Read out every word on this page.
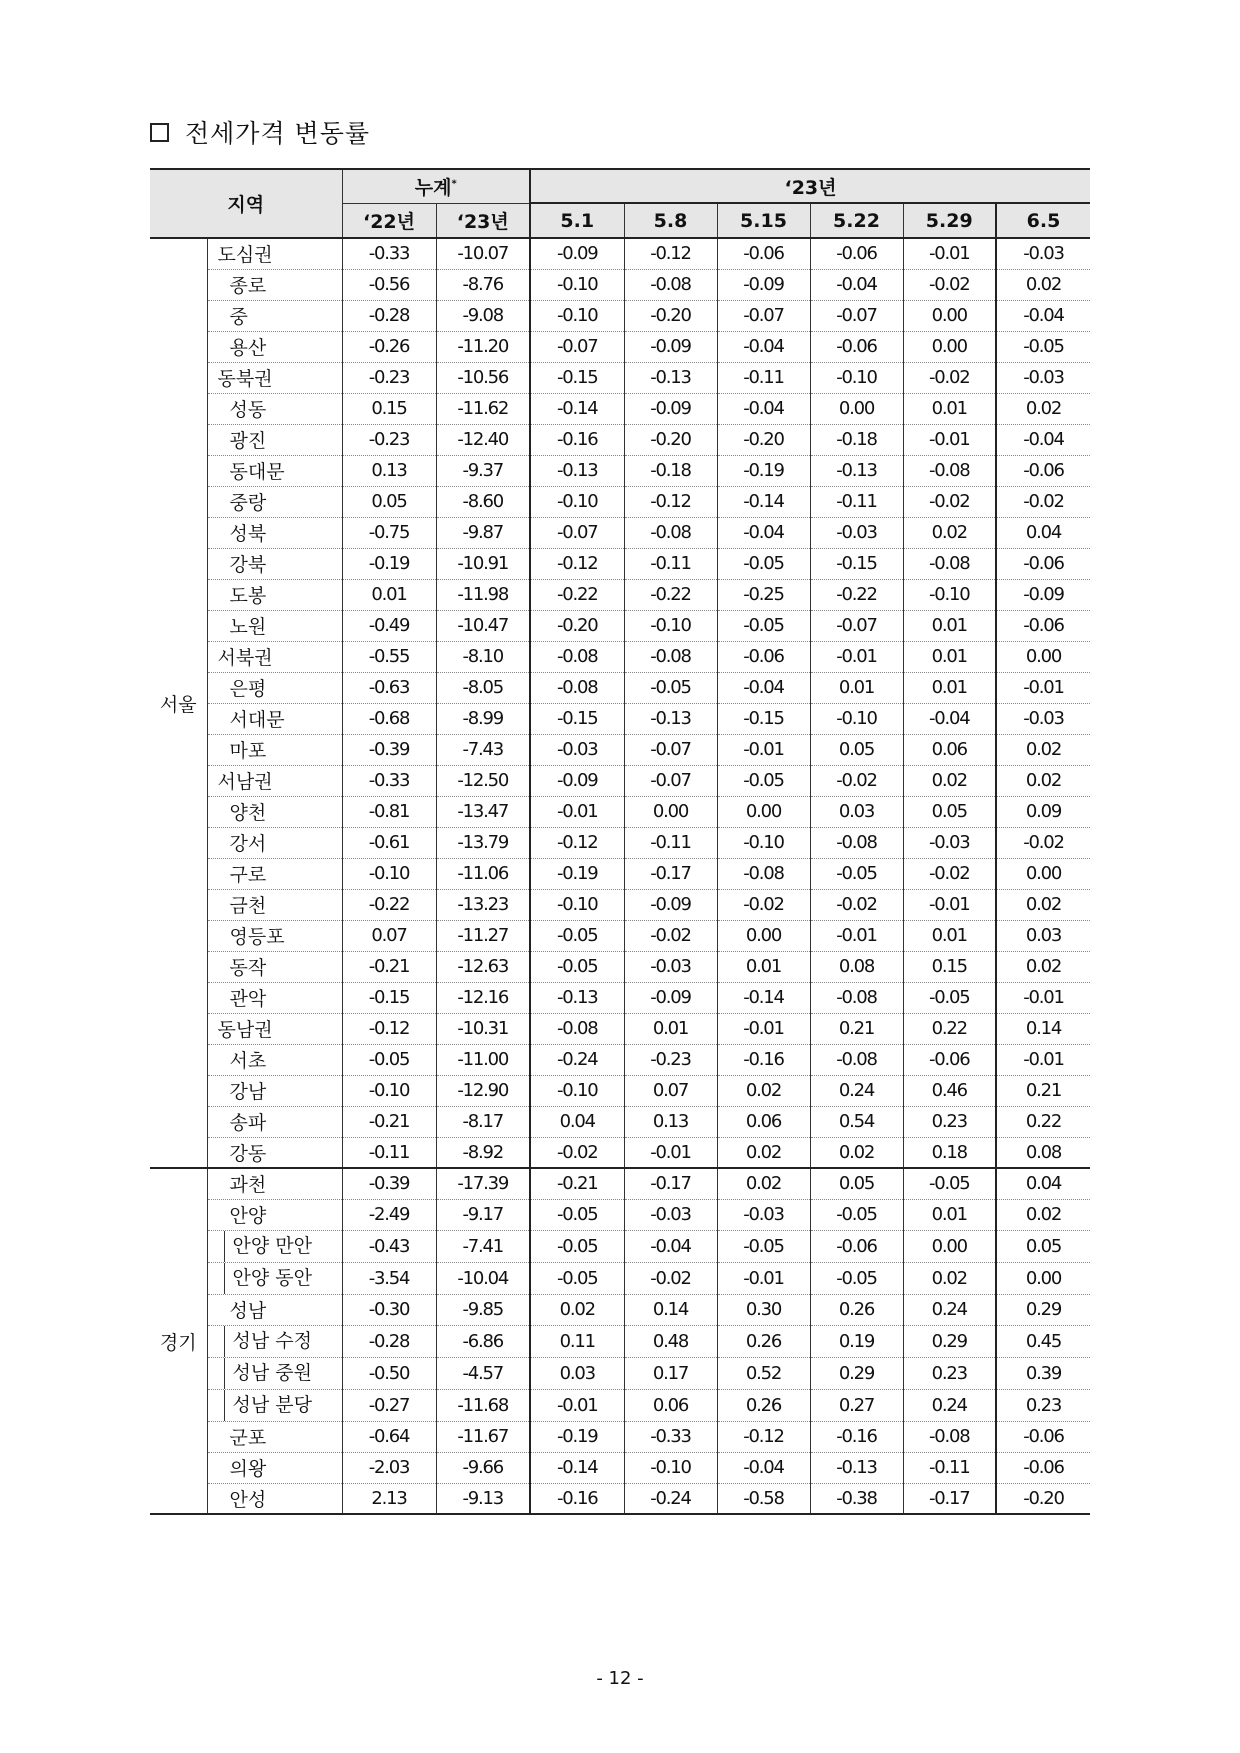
전세가격 변동률
지역		누계*		‘23년					
		‘22년	‘23년	5.1	5.8	5.15	5.22	5.29	6.5
서울	도심권	-0.33	-10.07	-0.09	-0.12	-0.06	-0.06	-0.01	-0.03
	종로	-0.56	-8.76	-0.10	-0.08	-0.09	-0.04	-0.02	0.02
	중	-0.28	-9.08	-0.10	-0.20	-0.07	-0.07	0.00	-0.04
	용산	-0.26	-11.20	-0.07	-0.09	-0.04	-0.06	0.00	-0.05
	동북권	-0.23	-10.56	-0.15	-0.13	-0.11	-0.10	-0.02	-0.03
	성동	0.15	-11.62	-0.14	-0.09	-0.04	0.00	0.01	0.02
	광진	-0.23	-12.40	-0.16	-0.20	-0.20	-0.18	-0.01	-0.04
	동대문	0.13	-9.37	-0.13	-0.18	-0.19	-0.13	-0.08	-0.06
	중랑	0.05	-8.60	-0.10	-0.12	-0.14	-0.11	-0.02	-0.02
	성북	-0.75	-9.87	-0.07	-0.08	-0.04	-0.03	0.02	0.04
	강북	-0.19	-10.91	-0.12	-0.11	-0.05	-0.15	-0.08	-0.06
	도봉	0.01	-11.98	-0.22	-0.22	-0.25	-0.22	-0.10	-0.09
	노원	-0.49	-10.47	-0.20	-0.10	-0.05	-0.07	0.01	-0.06
	서북권	-0.55	-8.10	-0.08	-0.08	-0.06	-0.01	0.01	0.00
	은평	-0.63	-8.05	-0.08	-0.05	-0.04	0.01	0.01	-0.01
	서대문	-0.68	-8.99	-0.15	-0.13	-0.15	-0.10	-0.04	-0.03
	마포	-0.39	-7.43	-0.03	-0.07	-0.01	0.05	0.06	0.02
	서남권	-0.33	-12.50	-0.09	-0.07	-0.05	-0.02	0.02	0.02
	양천	-0.81	-13.47	-0.01	0.00	0.00	0.03	0.05	0.09
	강서	-0.61	-13.79	-0.12	-0.11	-0.10	-0.08	-0.03	-0.02
	구로	-0.10	-11.06	-0.19	-0.17	-0.08	-0.05	-0.02	0.00
	금천	-0.22	-13.23	-0.10	-0.09	-0.02	-0.02	-0.01	0.02
	영등포	0.07	-11.27	-0.05	-0.02	0.00	-0.01	0.01	0.03
	동작	-0.21	-12.63	-0.05	-0.03	0.01	0.08	0.15	0.02
	관악	-0.15	-12.16	-0.13	-0.09	-0.14	-0.08	-0.05	-0.01
	동남권	-0.12	-10.31	-0.08	0.01	-0.01	0.21	0.22	0.14
	서초	-0.05	-11.00	-0.24	-0.23	-0.16	-0.08	-0.06	-0.01
	강남	-0.10	-12.90	-0.10	0.07	0.02	0.24	0.46	0.21
	송파	-0.21	-8.17	0.04	0.13	0.06	0.54	0.23	0.22
	강동	-0.11	-8.92	-0.02	-0.01	0.02	0.02	0.18	0.08
경기	과천	-0.39	-17.39	-0.21	-0.17	0.02	0.05	-0.05	0.04
	안양	-2.49	-9.17	-0.05	-0.03	-0.03	-0.05	0.01	0.02

	안양 만안	-0.43	-7.41	-0.05	-0.04	-0.05	-0.06	0.00	0.05

	안양 동안	-3.54	-10.04	-0.05	-0.02	-0.01	-0.05	0.02	0.00
	성남	-0.30	-9.85	0.02	0.14	0.30	0.26	0.24	0.29

	성남 수정	-0.28	-6.86	0.11	0.48	0.26	0.19	0.29	0.45

	성남 중원	-0.50	-4.57	0.03	0.17	0.52	0.29	0.23	0.39

	성남 분당	-0.27	-11.68	-0.01	0.06	0.26	0.27	0.24	0.23
	군포	-0.64	-11.67	-0.19	-0.33	-0.12	-0.16	-0.08	-0.06
	의왕	-2.03	-9.66	-0.14	-0.10	-0.04	-0.13	-0.11	-0.06
	안성	2.13	-9.13	-0.16	-0.24	-0.58	-0.38	-0.17	-0.20
- 12 -
